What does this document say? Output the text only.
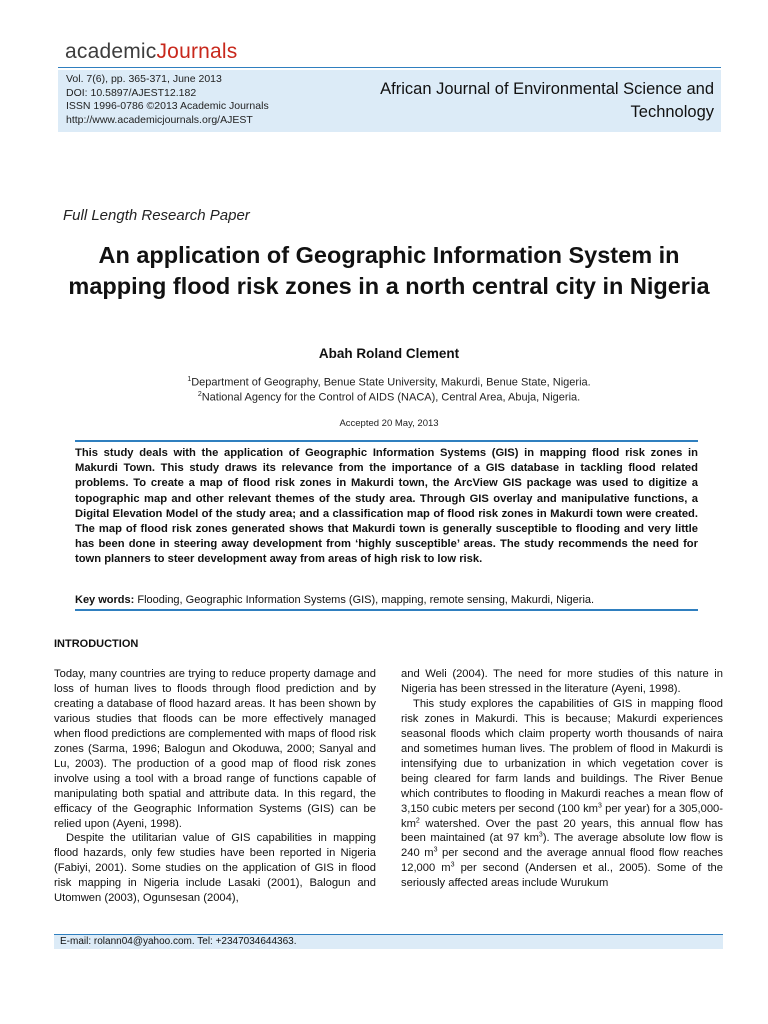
academicJournals
Vol. 7(6), pp. 365-371, June 2013
DOI: 10.5897/AJEST12.182
ISSN 1996-0786 ©2013 Academic Journals
http://www.academicjournals.org/AJEST
African Journal of Environmental Science and
Technology
Full Length Research Paper
An application of Geographic Information System in mapping flood risk zones in a north central city in Nigeria
Abah Roland Clement
$^1$Department of Geography, Benue State University, Makurdi, Benue State, Nigeria.
$^2$National Agency for the Control of AIDS (NACA), Central Area, Abuja, Nigeria.
Accepted 20 May, 2013
This study deals with the application of Geographic Information Systems (GIS) in mapping flood risk zones in Makurdi Town. This study draws its relevance from the importance of a GIS database in tackling flood related problems. To create a map of flood risk zones in Makurdi town, the ArcView GIS package was used to digitize a topographic map and other relevant themes of the study area. Through GIS overlay and manipulative functions, a Digital Elevation Model of the study area; and a classification map of flood risk zones in Makurdi town were created. The map of flood risk zones generated shows that Makurdi town is generally susceptible to flooding and very little has been done in steering away development from ‘highly susceptible’ areas. The study recommends the need for town planners to steer development away from areas of high risk to low risk.
Key words: Flooding, Geographic Information Systems (GIS), mapping, remote sensing, Makurdi, Nigeria.
INTRODUCTION

Today, many countries are trying to reduce property damage and loss of human lives to floods through flood prediction and by creating a database of flood hazard areas. It has been shown by various studies that floods can be more effectively managed when flood predictions are complemented with maps of flood risk zones (Sarma, 1996; Balogun and Okoduwa, 2000; Sanyal and Lu, 2003). The production of a good map of flood risk zones involve using a tool with a broad range of functions capable of manipulating both spatial and attribute data. In this regard, the efficacy of the Geographic Information Systems (GIS) can be relied upon (Ayeni, 1998).

Despite the utilitarian value of GIS capabilities in mapping flood hazards, only few studies have been reported in Nigeria (Fabiyi, 2001). Some studies on the application of GIS in flood risk mapping in Nigeria include Lasaki (2001), Balogun and Utomwen (2003), Ogunsesan (2004),

and Weli (2004). The need for more studies of this nature in Nigeria has been stressed in the literature (Ayeni, 1998).

This study explores the capabilities of GIS in mapping flood risk zones in Makurdi. This is because; Makurdi experiences seasonal floods which claim property worth thousands of naira and sometimes human lives. The problem of flood in Makurdi is intensifying due to urbanization in which vegetation cover is being cleared for farm lands and buildings. The River Benue which contributes to flooding in Makurdi reaches a mean flow of 3,150 cubic meters per second (100 $km^3$ per year) for a $305,000-km^2$ watershed. Over the past 20 years, this annual flow has been maintained (at 97 $km^3$). The average absolute low flow is 240 $m^3$ per second and the average annual flood flow reaches 12,000 $m^3$ per second (Andersen et al., 2005). Some of the seriously affected areas include Wurukum

E-mail: rolann04@yahoo.com. Tel: +2347034644363.
